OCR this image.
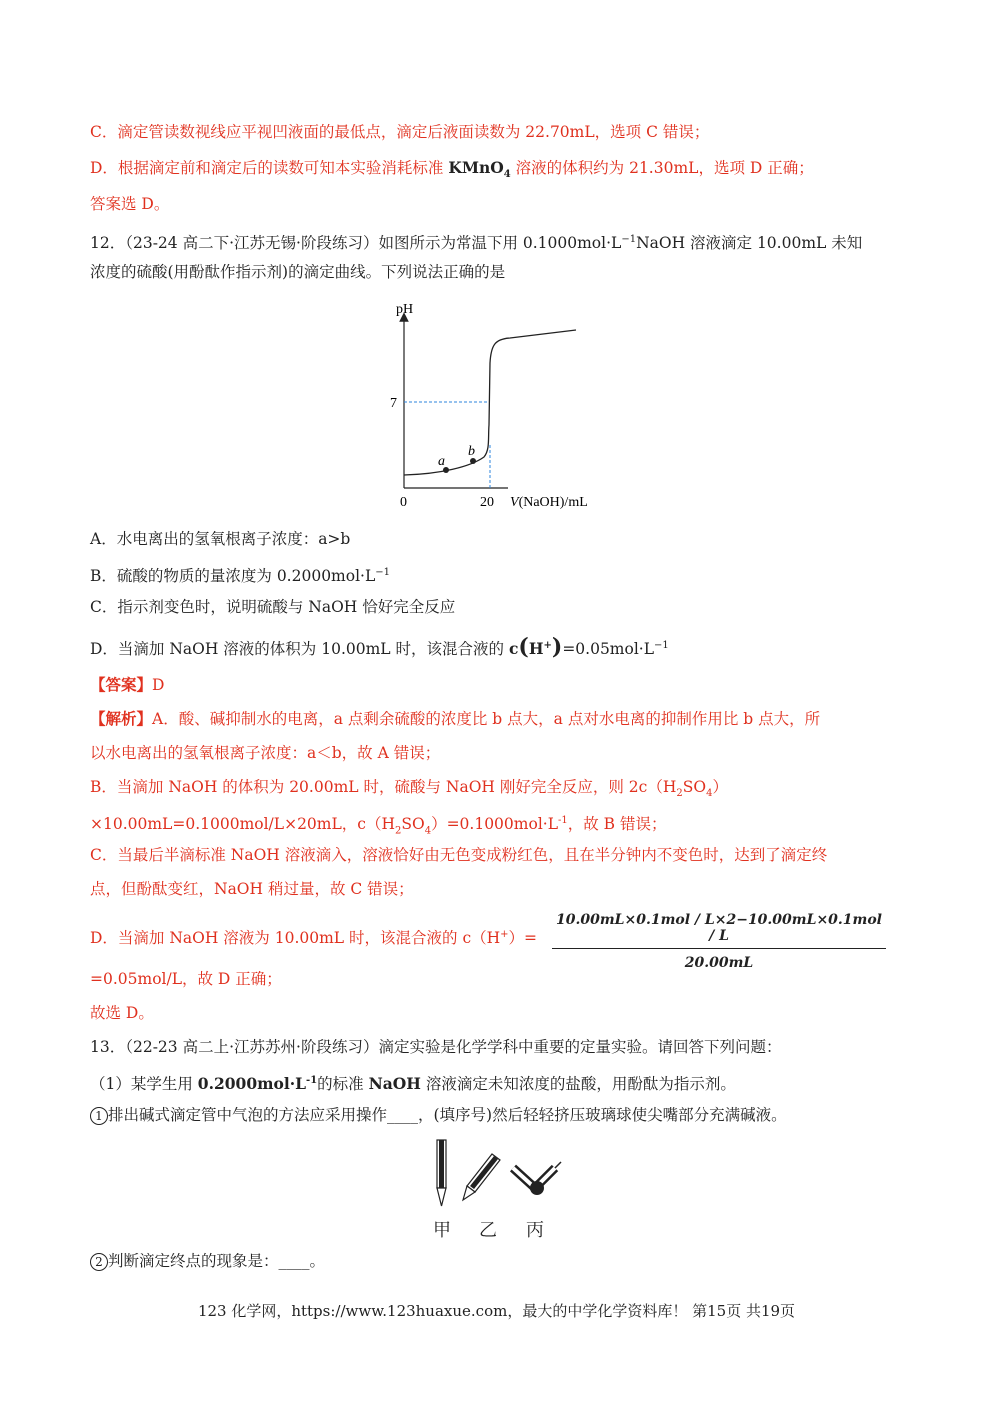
C．滴定管读数视线应平视凹液面的最低点，滴定后液面读数为 22.70mL，选项 C 错误；
D．根据滴定前和滴定后的读数可知本实验消耗标准 KMnO$_4$ 溶液的体积约为 21.30mL，选项 D 正确；
答案选 D。
12．（23-24 高二下·江苏无锡·阶段练习）如图所示为常温下用 $0.1000mol\cdot L^{-1}NaOH$ 溶液滴定 10.00mL 未知
浓度的硫酸(用酚酞作指示剂)的滴定曲线。下列说法正确的是
pH
7
0	20 V(NaOH)/mL
a
b
A．水电离出的氢氧根离子浓度：a>b
B．硫酸的物质的量浓度为 $0.2000mol\cdot L^{-1}$
C．指示剂变色时，说明硫酸与 NaOH 恰好完全反应
D．当滴加 NaOH 溶液的体积为 10.00mL 时，该混合液的 $c(H^+)=0.05mol\cdot L^{-1}$
【答案】D
【解析】A．酸、碱抑制水的电离，a 点剩余硫酸的浓度比 b 点大，a 点对水电离的抑制作用比 b 点大，所
以水电离出的氢氧根离子浓度：a＜b，故 A 错误；
B．当滴加 NaOH 的体积为 20.00mL 时，硫酸与 NaOH 刚好完全反应，则 $2c(H_2SO_4)$
×10.00mL=0.1000mol/L×20mL，$c(H_2SO_4)=0.1000mol\cdot L^{-1}$，故 B 错误；
C．当最后半滴标准 NaOH 溶液滴入，溶液恰好由无色变成粉红色，且在半分钟内不变色时，达到了滴定终
点，但酚酞变红，NaOH 稍过量，故 C 错误；
D．当滴加 NaOH 溶液为 10.00mL 时，该混合液的 c（H+）=
10.00mL×0.1mol / L×2−10.00mL×0.1mol / L
20.00mL
=0.05mol/L，故 D 正确；
故选 D。
13．（22-23 高二上·江苏苏州·阶段练习）滴定实验是化学学科中重要的定量实验。请回答下列问题：
（1）某学生用 $0.2000mol\cdot L^{-1}$的标准 NaOH 溶液滴定未知浓度的盐酸，用酚酞为指示剂。
1 排出碱式滴定管中气泡的方法应采用操作____，(填序号)然后轻轻挤压玻璃球使尖嘴部分充满碱液。
甲 乙 丙
2 判断滴定终点的现象是：____。
123 化学网，https://www.123huaxue.com，最大的中学化学资料库！ 第15页 共19页
